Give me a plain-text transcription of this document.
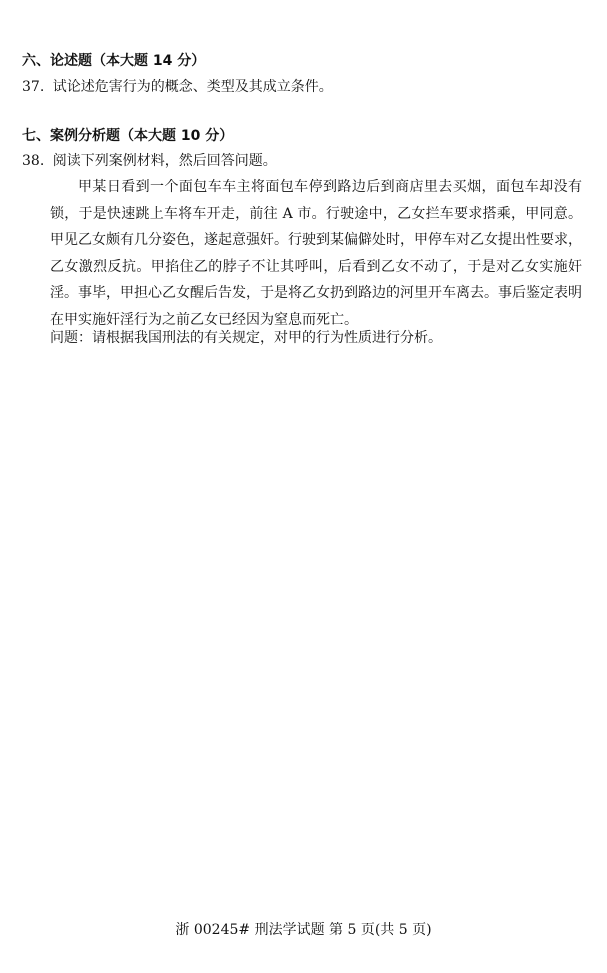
六、论述题（本大题 14 分）
37. 试论述危害行为的概念、类型及其成立条件。
七、案例分析题（本大题 10 分）
38. 阅读下列案例材料，然后回答问题。
甲某日看到一个面包车车主将面包车停到路边后到商店里去买烟，面包车却没有锁，于是快速跳上车将车开走，前往 A 市。行驶途中，乙女拦车要求搭乘，甲同意。甲见乙女颇有几分姿色，遂起意强奸。行驶到某偏僻处时，甲停车对乙女提出性要求，乙女激烈反抗。甲掐住乙的脖子不让其呼叫，后看到乙女不动了，于是对乙女实施奸淫。事毕，甲担心乙女醒后告发，于是将乙女扔到路边的河里开车离去。事后鉴定表明在甲实施奸淫行为之前乙女已经因为窒息而死亡。
问题：请根据我国刑法的有关规定，对甲的行为性质进行分析。
浙 00245# 刑法学试题 第 5 页(共 5 页)
